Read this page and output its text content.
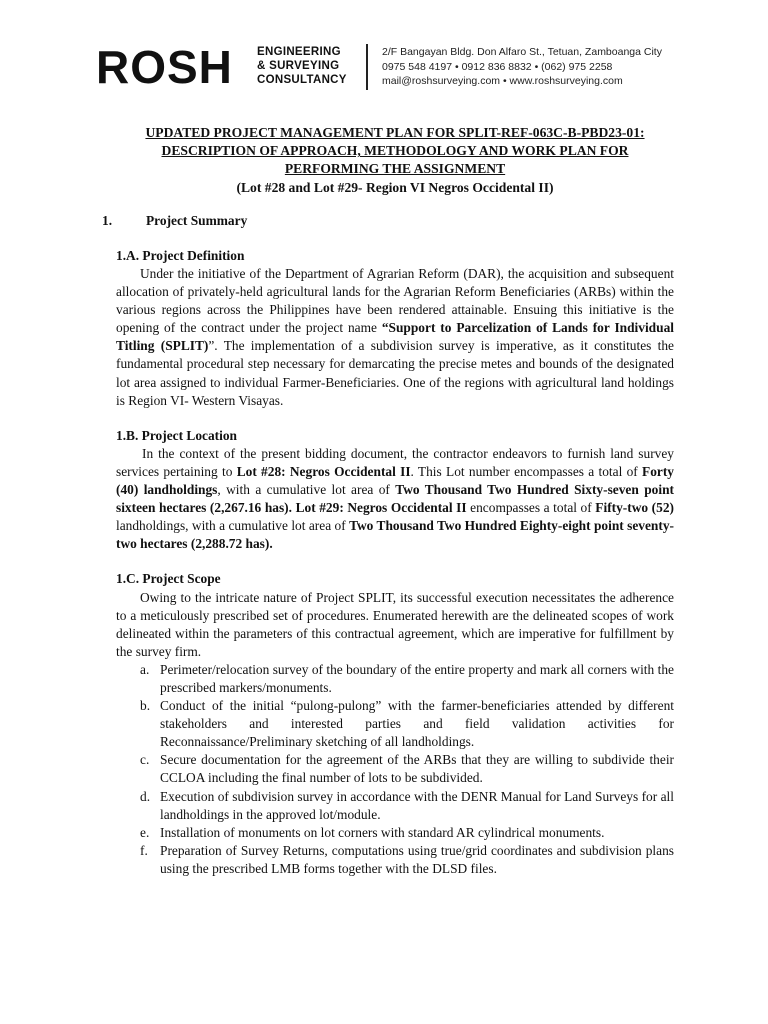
ROSH ENGINEERING
& SURVEYING
CONSULTANCY
2/F Bangayan Bldg. Don Alfaro St., Tetuan, Zamboanga City
0975 548 4197 • 0912 836 8832 • (062) 975 2258
mail@roshsurveying.com • www.roshsurveying.com
UPDATED PROJECT MANAGEMENT PLAN FOR SPLIT-REF-063C-B-PBD23-01:
DESCRIPTION OF APPROACH, METHODOLOGY AND WORK PLAN FOR
PERFORMING THE ASSIGNMENT
(Lot #28 and Lot #29- Region VI Negros Occidental II)
1.	Project Summary
1.A. Project Definition

Under the initiative of the Department of Agrarian Reform (DAR), the acquisition and subsequent allocation of privately-held agricultural lands for the Agrarian Reform Beneficiaries (ARBs) within the various regions across the Philippines have been rendered attainable. Ensuing this initiative is the opening of the contract under the project name “Support to Parcelization of Lands for Individual Titling (SPLIT)”. The implementation of a subdivision survey is imperative, as it constitutes the fundamental procedural step necessary for demarcating the precise metes and bounds of the designated lot area assigned to individual Farmer-Beneficiaries. One of the regions with agricultural land holdings is Region VI- Western Visayas.

1.B. Project Location

In the context of the present bidding document, the contractor endeavors to furnish land survey services pertaining to Lot #28: Negros Occidental II. This Lot number encompasses a total of Forty (40) landholdings, with a cumulative lot area of Two Thousand Two Hundred Sixty-seven point sixteen hectares (2,267.16 has). Lot #29: Negros Occidental II encompasses a total of Fifty-two (52) landholdings, with a cumulative lot area of Two Thousand Two Hundred Eighty-eight point seventy-two hectares (2,288.72 has).

1.C. Project Scope

Owing to the intricate nature of Project SPLIT, its successful execution necessitates the adherence to a meticulously prescribed set of procedures. Enumerated herewith are the delineated scopes of work delineated within the parameters of this contractual agreement, which are imperative for fulfillment by the survey firm.

a. Perimeter/relocation survey of the boundary of the entire property and mark all corners with the prescribed markers/monuments.
b. Conduct of the initial “pulong-pulong” with the farmer-beneficiaries attended by different stakeholders and interested parties and field validation activities for Reconnaissance/Preliminary sketching of all landholdings.
c. Secure documentation for the agreement of the ARBs that they are willing to subdivide their CCLOA including the final number of lots to be subdivided.
d. Execution of subdivision survey in accordance with the DENR Manual for Land Surveys for all landholdings in the approved lot/module.
e. Installation of monuments on lot corners with standard AR cylindrical monuments.
f. Preparation of Survey Returns, computations using true/grid coordinates and subdivision plans using the prescribed LMB forms together with the DLSD files.
